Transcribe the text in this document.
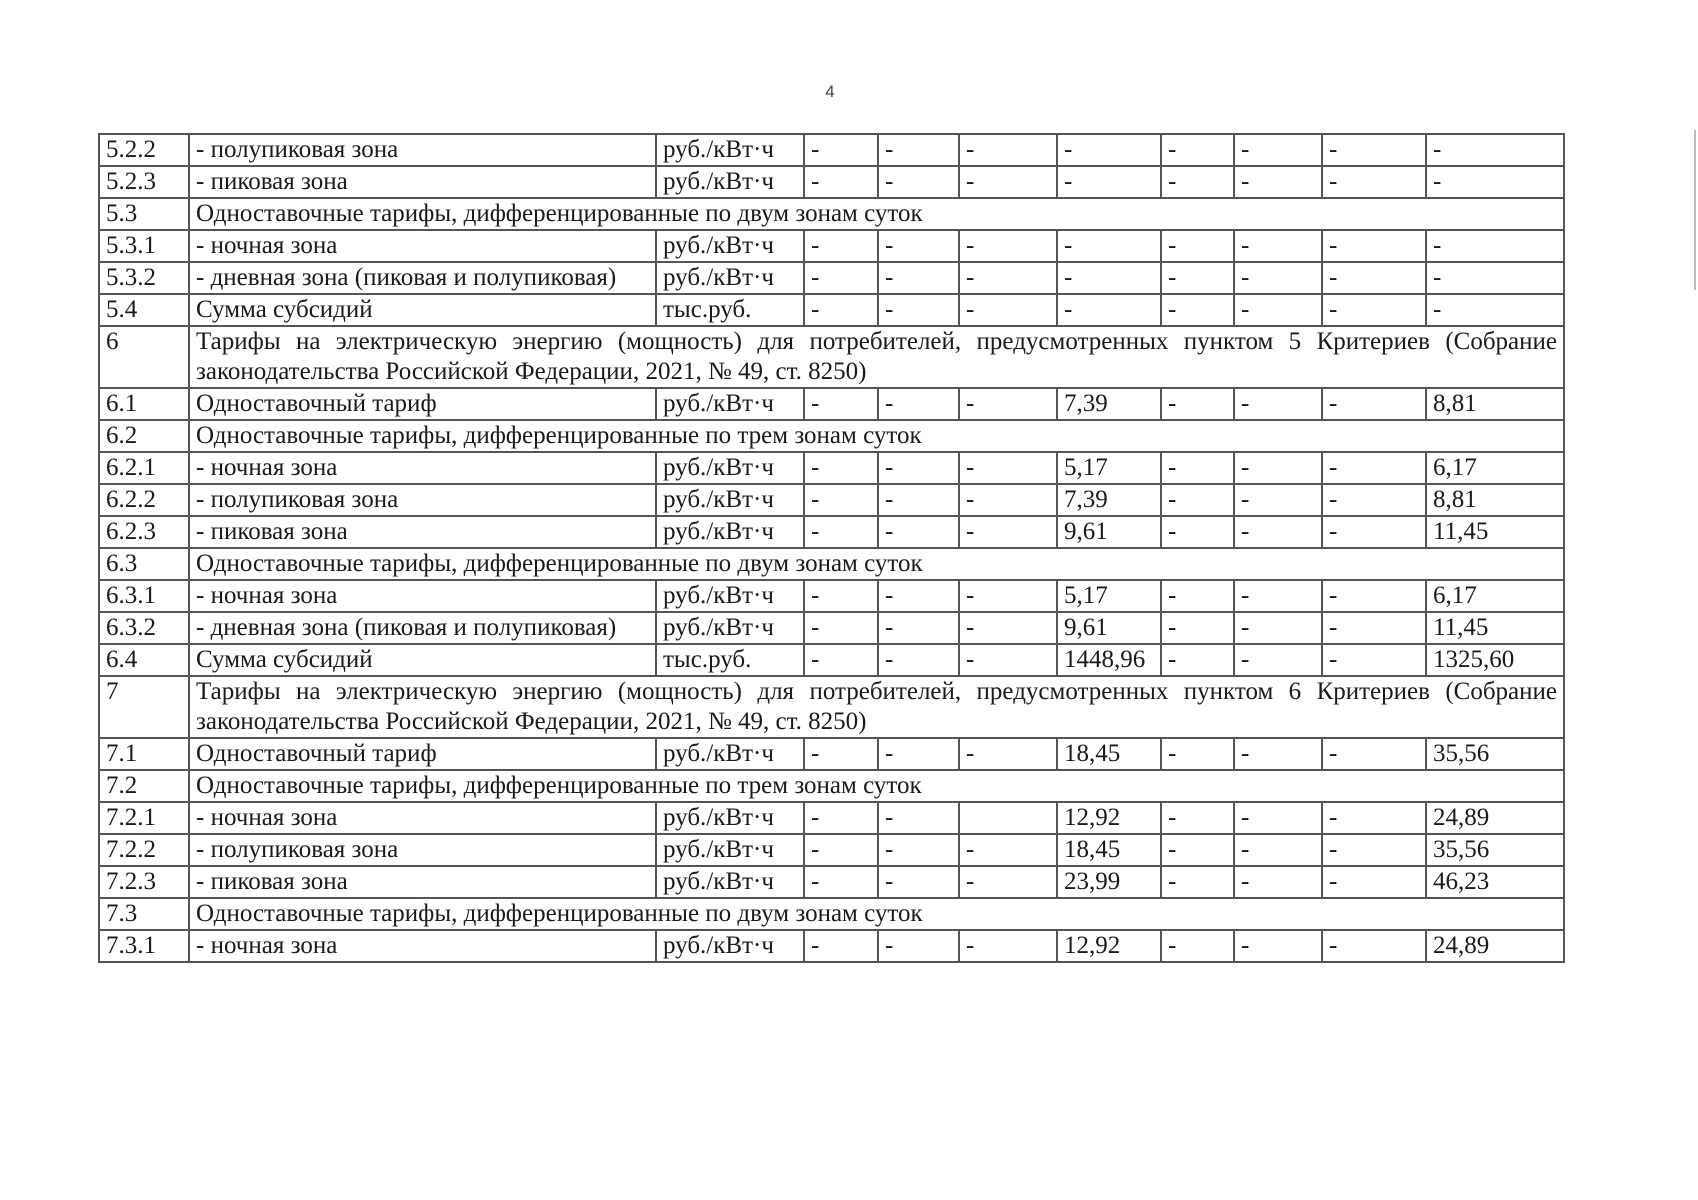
4
5.2.2	- полупиковая зона	руб./кВт·ч	-	-	-	-	-	-	-	-
5.2.3	- пиковая зона	руб./кВт·ч	-	-	-	-	-	-	-	-
5.3	Одноставочные тарифы, дифференцированные по двум зонам суток									
5.3.1	- ночная зона	руб./кВт·ч	-	-	-	-	-	-	-	-
5.3.2	- дневная зона (пиковая и полупиковая)	руб./кВт·ч	-	-	-	-	-	-	-	-
5.4	Сумма субсидий	тыс.руб.	-	-	-	-	-	-	-	-
6	Тарифы на электрическую энергию (мощность) для потребителей, предусмотренных пунктом 5 Критериев (Собрание законодательства Российской Федерации, 2021, № 49, ст. 8250)									
6.1	Одноставочный тариф	руб./кВт·ч	-	-	-	7,39	-	-	-	8,81
6.2	Одноставочные тарифы, дифференцированные по трем зонам суток									
6.2.1	- ночная зона	руб./кВт·ч	-	-	-	5,17	-	-	-	6,17
6.2.2	- полупиковая зона	руб./кВт·ч	-	-	-	7,39	-	-	-	8,81
6.2.3	- пиковая зона	руб./кВт·ч	-	-	-	9,61	-	-	-	11,45
6.3	Одноставочные тарифы, дифференцированные по двум зонам суток									
6.3.1	- ночная зона	руб./кВт·ч	-	-	-	5,17	-	-	-	6,17
6.3.2	- дневная зона (пиковая и полупиковая)	руб./кВт·ч	-	-	-	9,61	-	-	-	11,45
6.4	Сумма субсидий	тыс.руб.	-	-	-	1448,96	-	-	-	1325,60
7	Тарифы на электрическую энергию (мощность) для потребителей, предусмотренных пунктом 6 Критериев (Собрание законодательства Российской Федерации, 2021, № 49, ст. 8250)									
7.1	Одноставочный тариф	руб./кВт·ч	-	-	-	18,45	-	-	-	35,56
7.2	Одноставочные тарифы, дифференцированные по трем зонам суток									
7.2.1	- ночная зона	руб./кВт·ч	-	-		12,92	-	-	-	24,89
7.2.2	- полупиковая зона	руб./кВт·ч	-	-	-	18,45	-	-	-	35,56
7.2.3	- пиковая зона	руб./кВт·ч	-	-	-	23,99	-	-	-	46,23
7.3	Одноставочные тарифы, дифференцированные по двум зонам суток									
7.3.1	- ночная зона	руб./кВт·ч	-	-	-	12,92	-	-	-	24,89
